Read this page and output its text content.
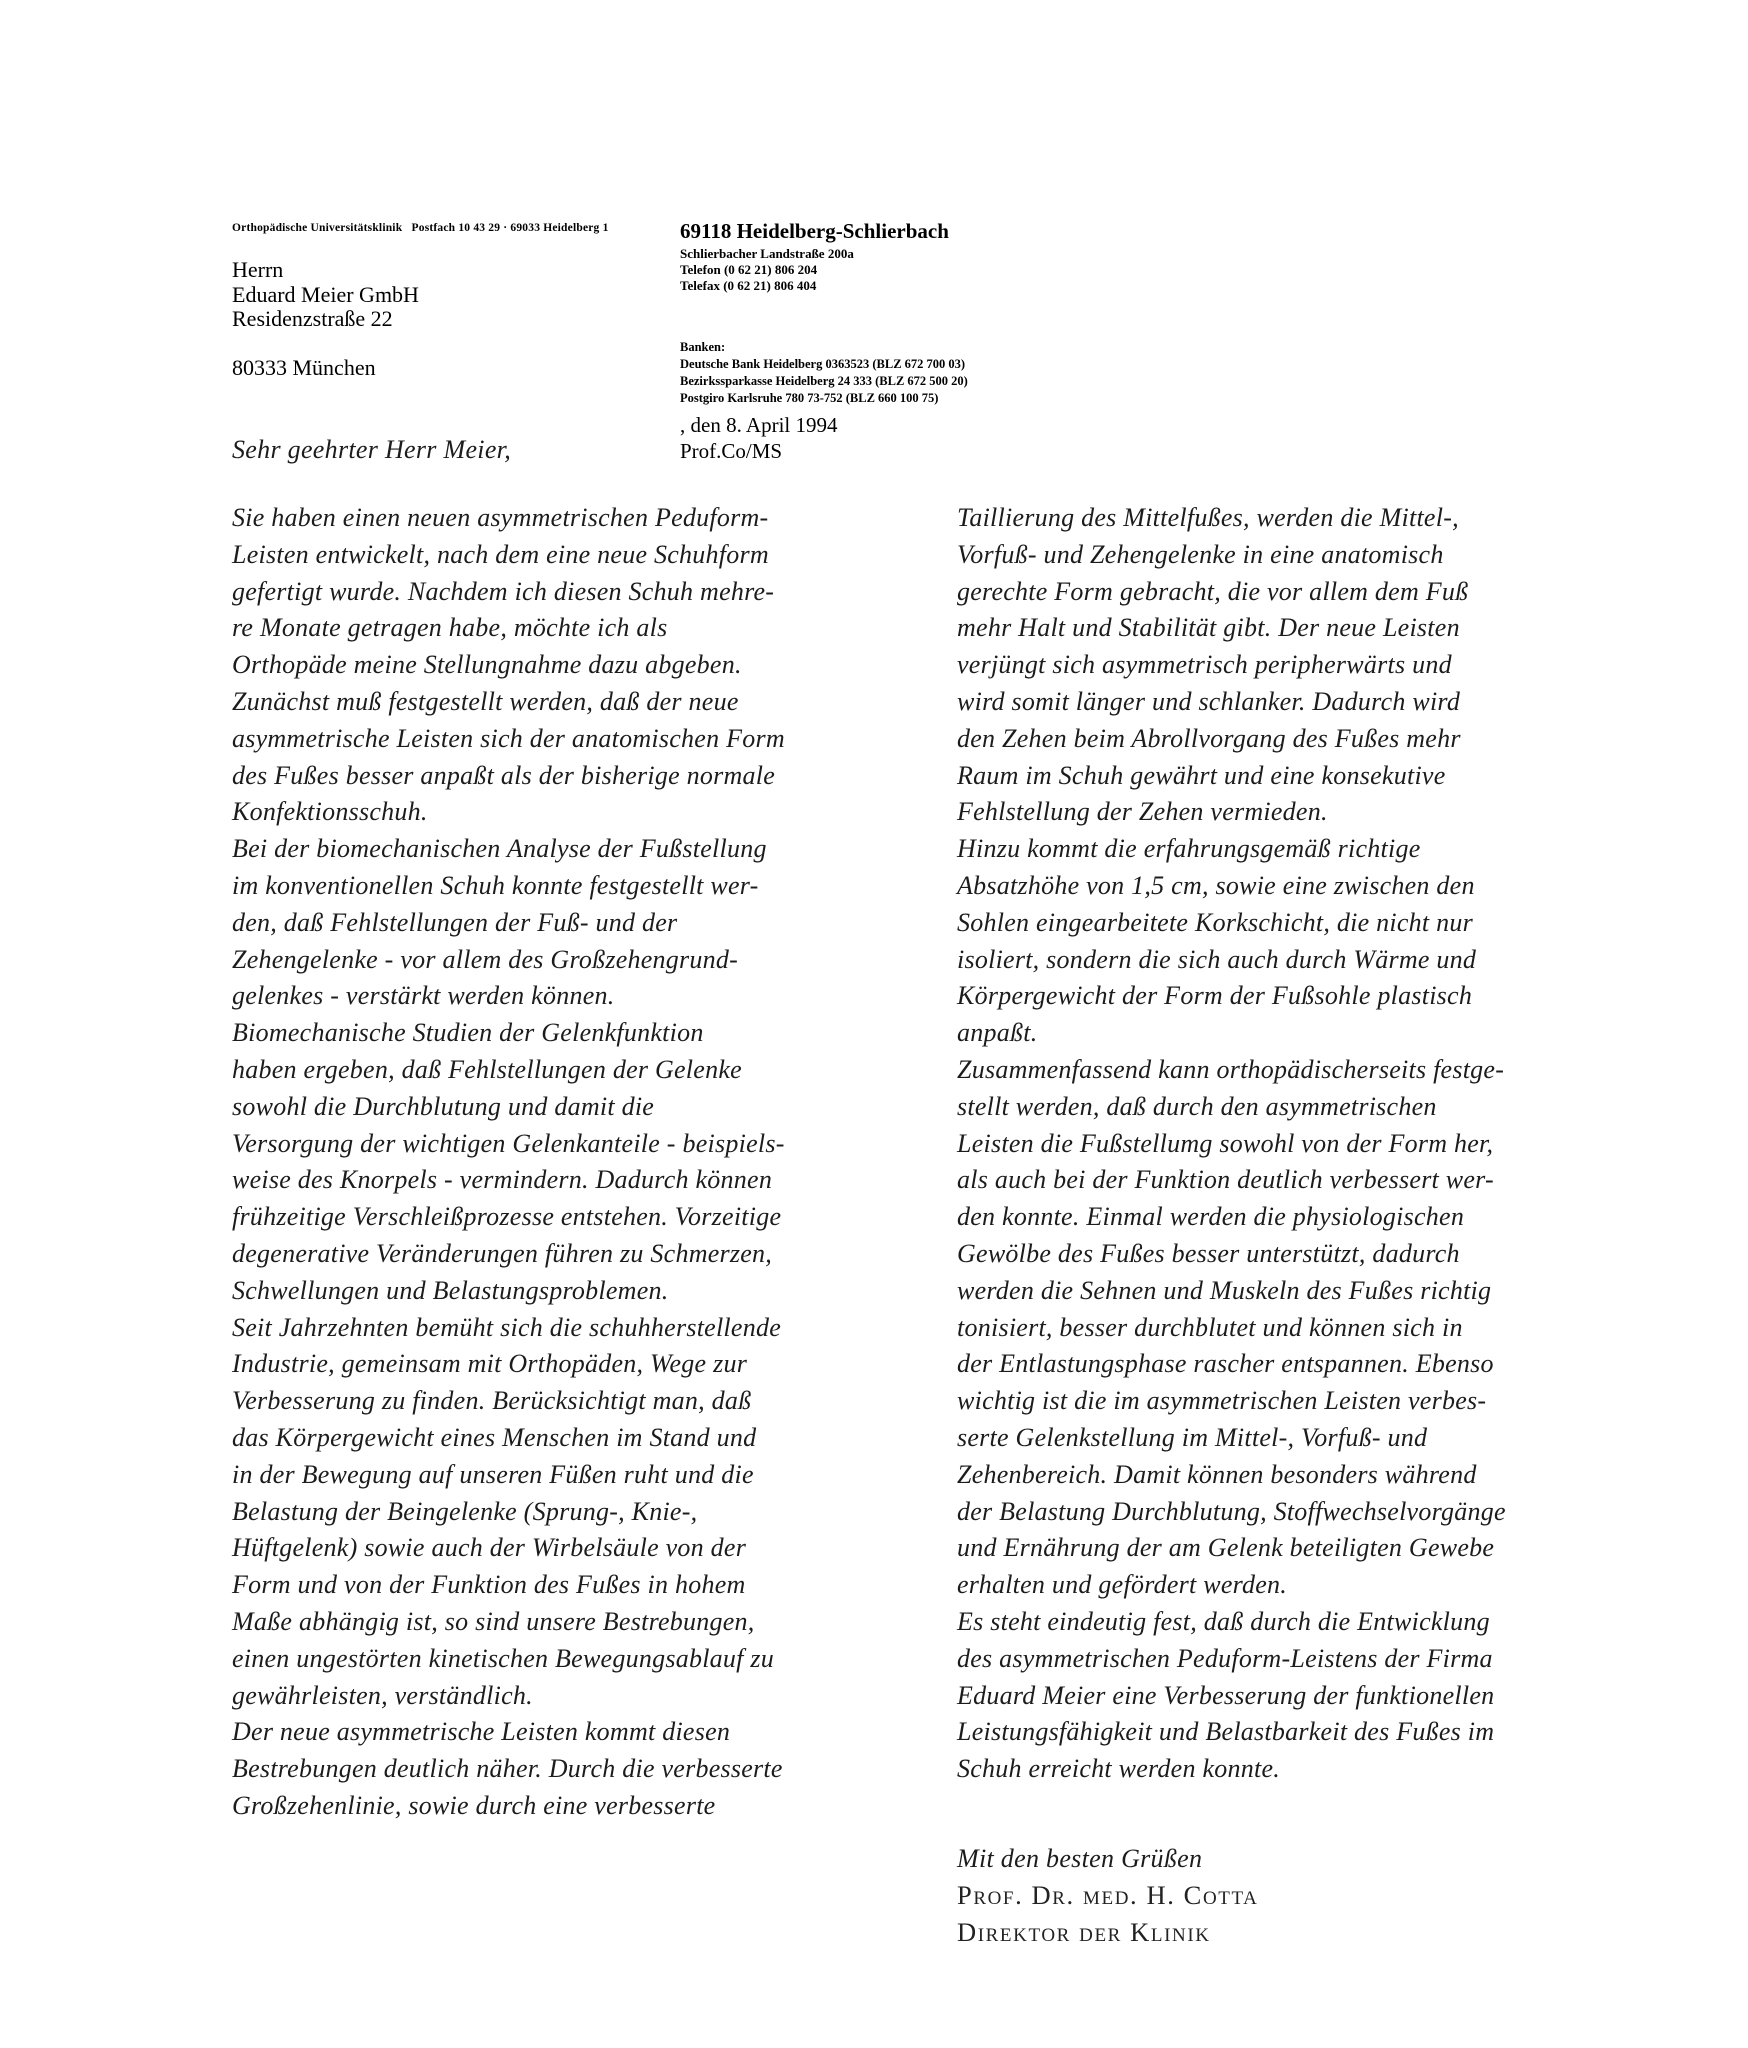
Orthopädische Universitätsklinik   Postfach 10 43 29 · 69033 Heidelberg 1
Herrn
Eduard Meier GmbH
Residenzstraße 22
80333 München
69118 Heidelberg-Schlierbach
Schlierbacher Landstraße 200a
Telefon (0 62 21) 806 204
Telefax (0 62 21) 806 404
Banken:
Deutsche Bank Heidelberg 0363523 (BLZ 672 700 03)
Bezirkssparkasse Heidelberg 24 333 (BLZ 672 500 20)
Postgiro Karlsruhe 780 73-752 (BLZ 660 100 75)
, den 8. April 1994
Prof.Co/MS
Sehr geehrter Herr Meier,
Sie haben einen neuen asymmetrischen Peduform-
Leisten entwickelt, nach dem eine neue Schuhform
gefertigt wurde. Nachdem ich diesen Schuh mehre-
re Monate getragen habe, möchte ich als
Orthopäde meine Stellungnahme dazu abgeben.
Zunächst muß festgestellt werden, daß der neue
asymmetrische Leisten sich der anatomischen Form
des Fußes besser anpaßt als der bisherige normale
Konfektionsschuh.
Bei der biomechanischen Analyse der Fußstellung
im konventionellen Schuh konnte festgestellt wer-
den, daß Fehlstellungen der Fuß- und der
Zehengelenke - vor allem des Großzehengrund-
gelenkes - verstärkt werden können.
Biomechanische Studien der Gelenkfunktion
haben ergeben, daß Fehlstellungen der Gelenke
sowohl die Durchblutung und damit die
Versorgung der wichtigen Gelenkanteile - beispiels-
weise des Knorpels - vermindern. Dadurch können
frühzeitige Verschleißprozesse entstehen. Vorzeitige
degenerative Veränderungen führen zu Schmerzen,
Schwellungen und Belastungsproblemen.
Seit Jahrzehnten bemüht sich die schuhherstellende
Industrie, gemeinsam mit Orthopäden, Wege zur
Verbesserung zu finden. Berücksichtigt man, daß
das Körpergewicht eines Menschen im Stand und
in der Bewegung auf unseren Füßen ruht und die
Belastung der Beingelenke (Sprung-, Knie-,
Hüftgelenk) sowie auch der Wirbelsäule von der
Form und von der Funktion des Fußes in hohem
Maße abhängig ist, so sind unsere Bestrebungen,
einen ungestörten kinetischen Bewegungsablauf zu
gewährleisten, verständlich.
Der neue asymmetrische Leisten kommt diesen
Bestrebungen deutlich näher. Durch die verbesserte
Großzehenlinie, sowie durch eine verbesserte
Taillierung des Mittelfußes, werden die Mittel-,
Vorfuß- und Zehengelenke in eine anatomisch
gerechte Form gebracht, die vor allem dem Fuß
mehr Halt und Stabilität gibt. Der neue Leisten
verjüngt sich asymmetrisch peripherwärts und
wird somit länger und schlanker. Dadurch wird
den Zehen beim Abrollvorgang des Fußes mehr
Raum im Schuh gewährt und eine konsekutive
Fehlstellung der Zehen vermieden.
Hinzu kommt die erfahrungsgemäß richtige
Absatzhöhe von 1,5 cm, sowie eine zwischen den
Sohlen eingearbeitete Korkschicht, die nicht nur
isoliert, sondern die sich auch durch Wärme und
Körpergewicht der Form der Fußsohle plastisch
anpaßt.
Zusammenfassend kann orthopädischerseits festge-
stellt werden, daß durch den asymmetrischen
Leisten die Fußstellumg sowohl von der Form her,
als auch bei der Funktion deutlich verbessert wer-
den konnte. Einmal werden die physiologischen
Gewölbe des Fußes besser unterstützt, dadurch
werden die Sehnen und Muskeln des Fußes richtig
tonisiert, besser durchblutet und können sich in
der Entlastungsphase rascher entspannen. Ebenso
wichtig ist die im asymmetrischen Leisten verbes-
serte Gelenkstellung im Mittel-, Vorfuß- und
Zehenbereich. Damit können besonders während
der Belastung Durchblutung, Stoffwechselvorgänge
und Ernährung der am Gelenk beteiligten Gewebe
erhalten und gefördert werden.
Es steht eindeutig fest, daß durch die Entwicklung
des asymmetrischen Peduform-Leistens der Firma
Eduard Meier eine Verbesserung der funktionellen
Leistungsfähigkeit und Belastbarkeit des Fußes im
Schuh erreicht werden konnte.
Mit den besten Grüßen
Prof. Dr. med. H. Cotta
Direktor der Klinik
